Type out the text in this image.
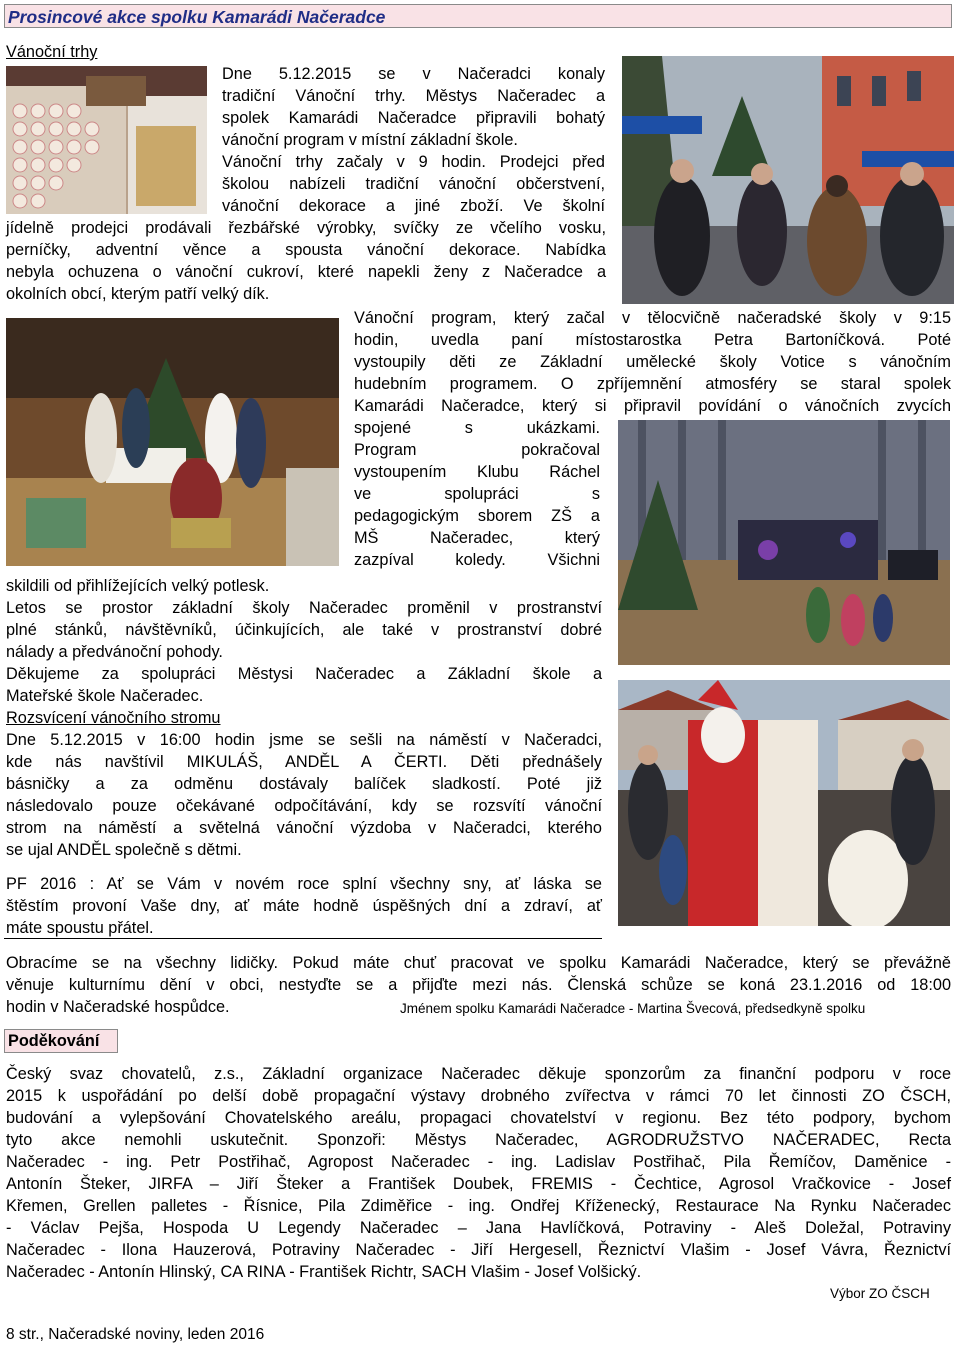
Prosincové akce spolku Kamarádi Načeradce
Vánoční trhy
Dne 5.12.2015 se v Načeradci konaly
tradiční Vánoční trhy. Městys Načeradec a
spolek Kamarádi Načeradce připravili bohatý
vánoční program v místní základní škole.
Vánoční trhy začaly v 9 hodin. Prodejci před
školou nabízeli tradiční vánoční občerstvení,
vánoční dekorace a jiné zboží. Ve školní
jídelně prodejci prodávali řezbářské výrobky, svíčky ze včelího vosku,
perníčky, adventní věnce a spousta vánoční dekorace. Nabídka
nebyla ochuzena o vánoční cukroví, které napekli ženy z Načeradce a
okolních obcí, kterým patří velký dík.
Vánoční program, který začal v tělocvičně načeradské školy v 9:15
hodin, uvedla paní místostarostka Petra Bartoníčková. Poté
vystoupily děti ze Základní umělecké školy Votice s vánočním
hudebním programem. O zpříjemnění atmosféry se staral spolek
Kamarádi Načeradce, který si připravil povídání o vánočních zvycích
spojené s ukázkami.
Program pokračoval
vystoupením Klubu Ráchel
ve spolupráci s
pedagogickým sborem ZŠ a
MŠ Načeradec, který
zazpíval koledy. Všichni
skildili od přihlížejících velký potlesk.
Letos se prostor základní školy Načeradec proměnil v prostranství
plné stánků, návštěvníků, účinkujících, ale také v prostranství dobré
nálady a předvánoční pohody.
Děkujeme za spolupráci Městysi Načeradec a Základní škole a
Mateřské škole Načeradec.
Rozsvícení vánočního stromu
Dne 5.12.2015 v 16:00 hodin jsme se sešli na náměstí v Načeradci,
kde nás navštívil MIKULÁŠ, ANDĚL A ČERTI. Děti přednášely
básničky a za odměnu dostávaly balíček sladkostí. Poté již
následovalo pouze očekávané odpočítávání, kdy se rozsvítí vánoční
strom na náměstí a světelná vánoční výzdoba v Načeradci, kterého
se ujal ANDĚL společně s dětmi.
PF 2016 : Ať se Vám v novém roce splní všechny sny, ať láska se
štěstím provoní Vaše dny, ať máte hodně úspěšných dní a zdraví, ať
máte spoustu přátel.
Obracíme se na všechny lidičky. Pokud máte chuť pracovat ve spolku Kamarádi Načeradce, který se převážně
věnuje kulturnímu dění v obci, nestyďte se a přijďte mezi nás. Členská schůze se koná 23.1.2016 od 18:00
hodin v Načeradské hospůdce.	Jménem spolku Kamarádi Načeradce - Martina Švecová, předsedkyně spolku
Poděkování
Český svaz chovatelů, z.s., Základní organizace Načeradec děkuje sponzorům za finanční podporu v roce
2015 k uspořádání po delší době propagační výstavy drobného zvířectva v rámci 70 let činnosti ZO ČSCH,
budování a vylepšování Chovatelského areálu, propagaci chovatelství v regionu. Bez této podpory, bychom
tyto akce nemohli uskutečnit. Sponzoři: Městys Načeradec, AGRODRUŽSTVO NAČERADEC, Recta
Načeradec - ing. Petr Postřihač, Agropost Načeradec - ing. Ladislav Postřihač, Pila Řemíčov, Daměnice -
Antonín Šteker, JIRFA – Jiří Šteker a František Doubek, FREMIS - Čechtice, Agrosol Vračkovice - Josef
Křemen, Grellen palletes - Řísnice, Pila Zdiměřice - ing. Ondřej Kříženecký, Restaurace Na Rynku Načeradec
- Václav Pejša, Hospoda U Legendy Načeradec – Jana Havlíčková, Potraviny - Aleš Doležal, Potraviny
Načeradec - Ilona Hauzerová, Potraviny Načeradec - Jiří Hergesell, Řeznictví Vlašim - Josef Vávra, Řeznictví
Načeradec - Antonín Hlinský, CA RINA - František Richtr, SACH Vlašim - Josef Volšický.
Výbor ZO ČSCH
8 str., Načeradské noviny, leden 2016
